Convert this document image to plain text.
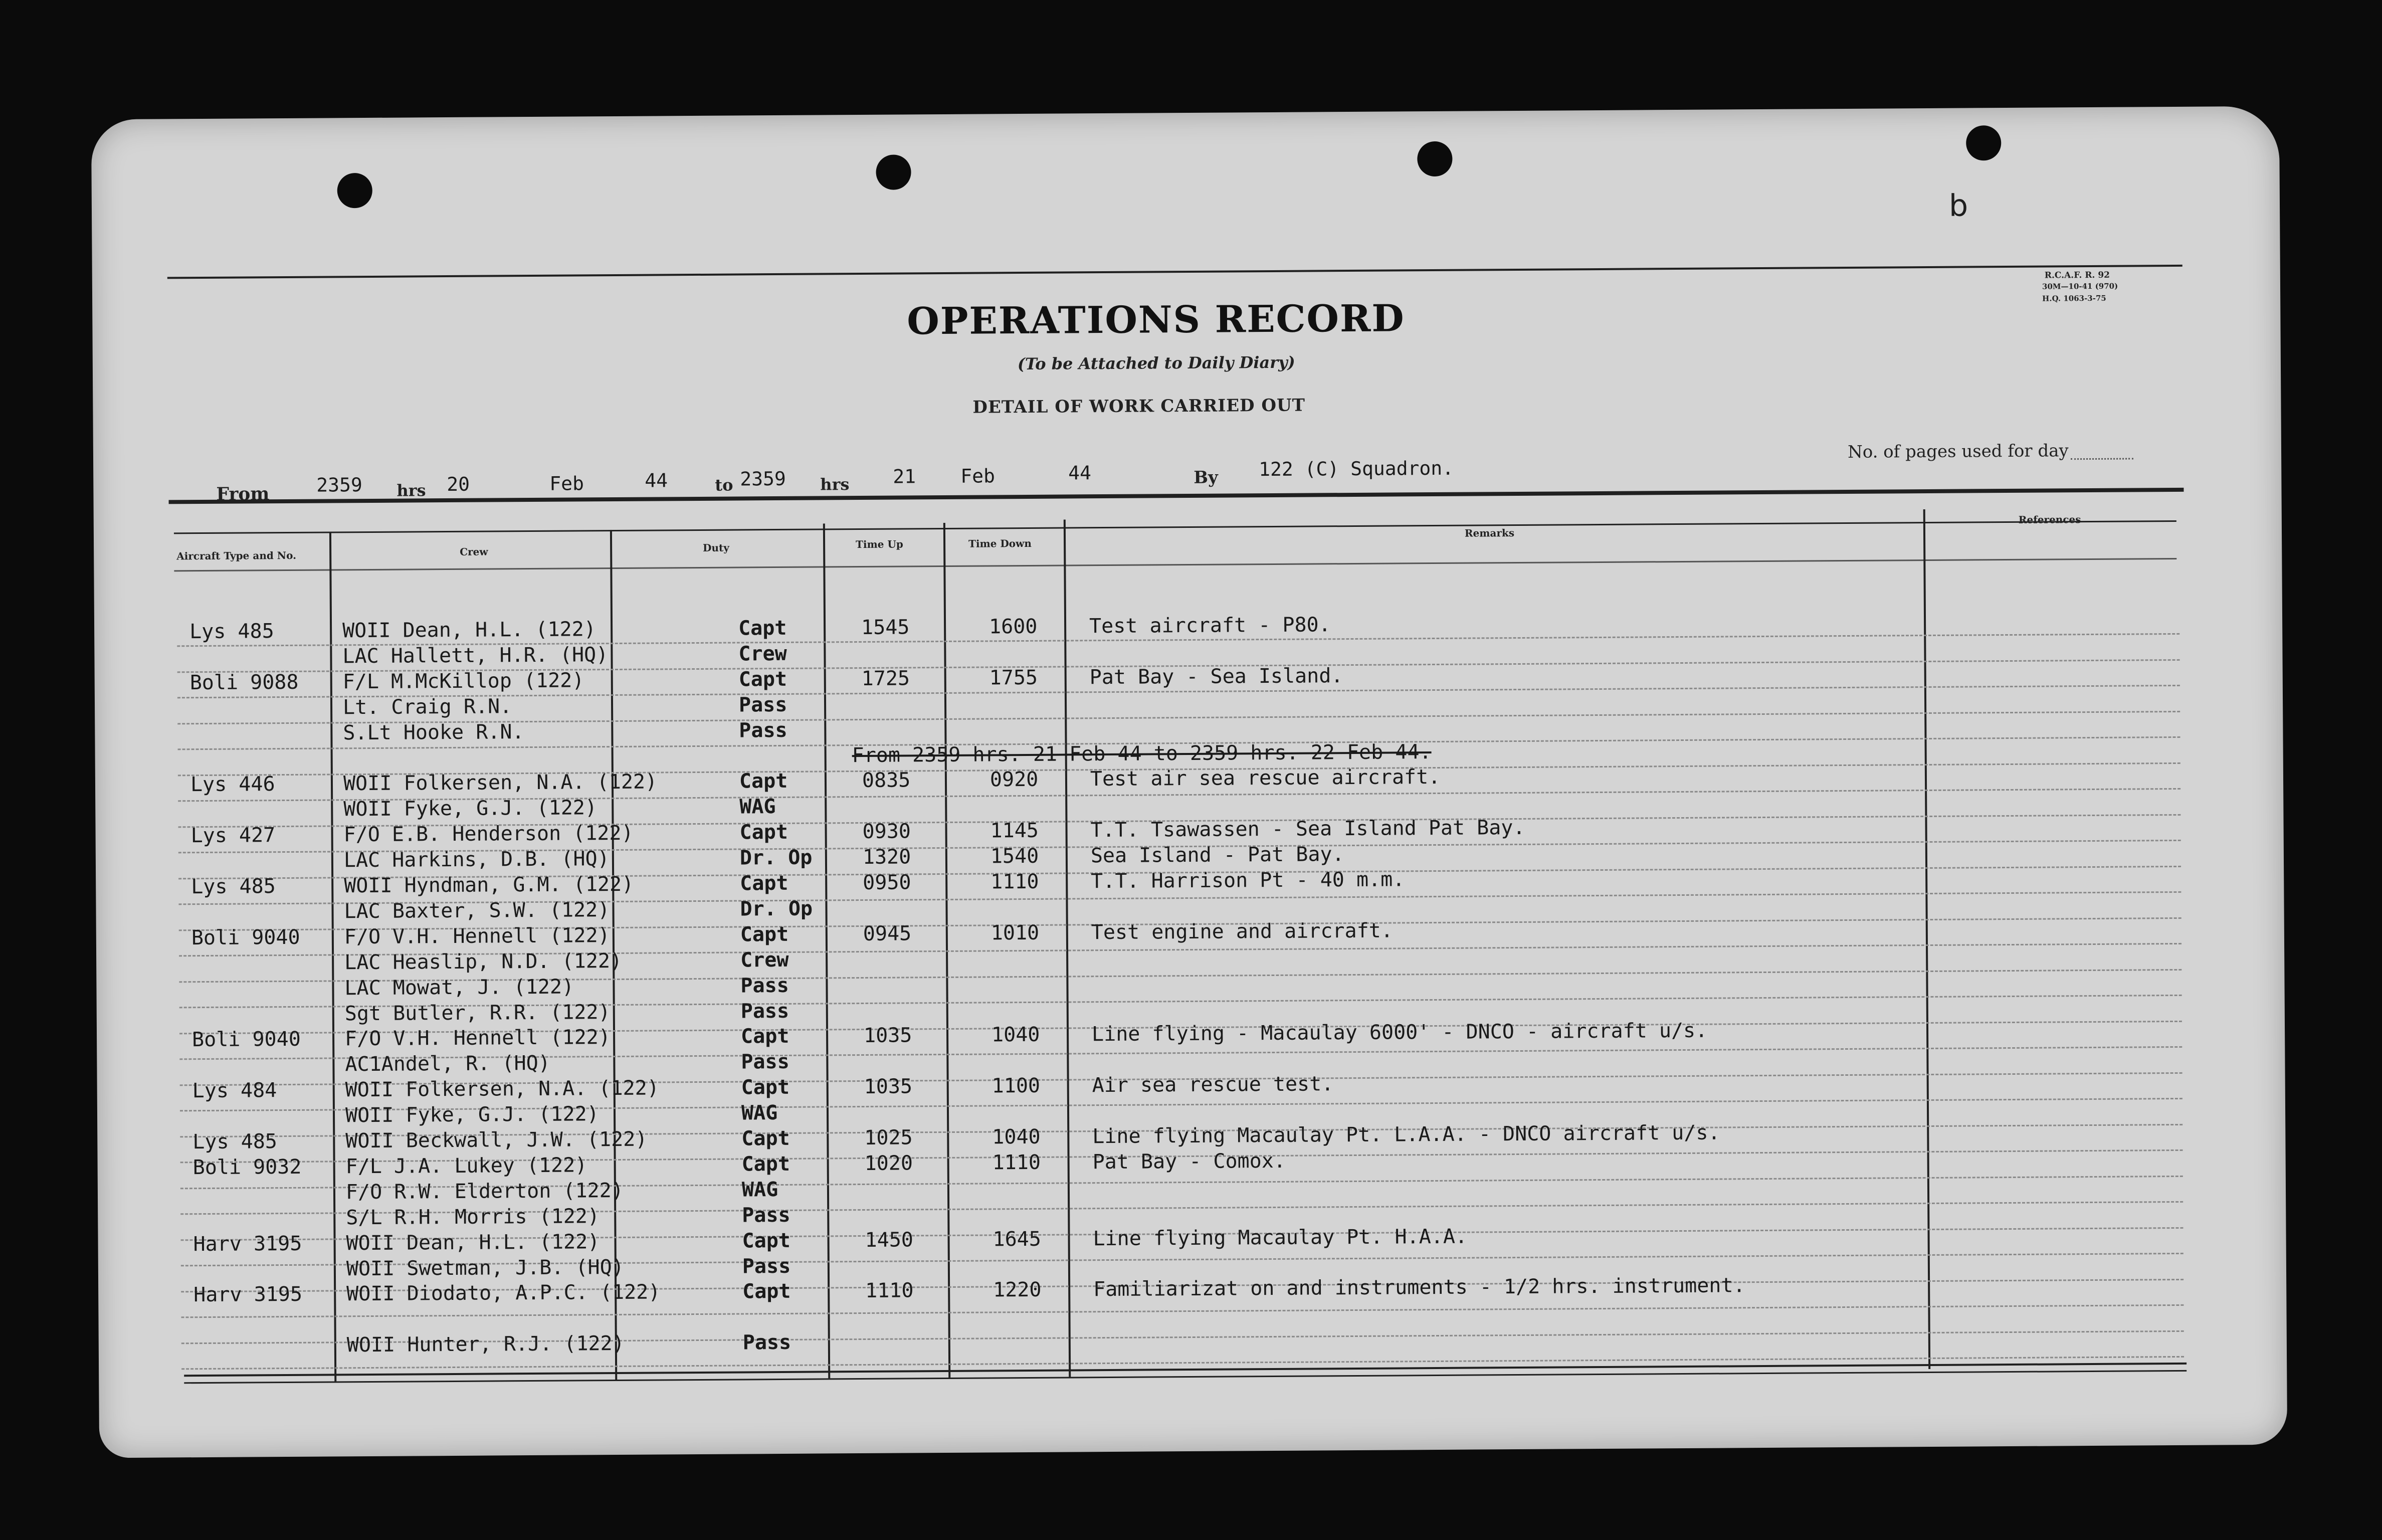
b
R.C.A.F. R. 92
30M—10-41 (970)
H.Q. 1063-3-75
OPERATIONS RECORD
(To be Attached to Daily Diary)
DETAIL OF WORK CARRIED OUT
From 2359 hrs 20	Feb	44	to 2359 hrs 21 Feb	44	By 122 (C) Squadron.
No. of pages used for day
Aircraft Type and No.	Crew	Duty	Time Up	Time Down
Remarks
References
Lys 485	WOII Dean, H.L. (122)	Capt	1545	1600	Test aircraft - P80.
LAC Hallett, H.R. (HQ)	Crew
Boli 9088 F/L M.McKillop (122)	Capt	1725	1755	Pat Bay - Sea Island.
Lt. Craig R.N.	Pass
S.Lt Hooke R.N.	Pass
From 2359 hrs. 21 Feb 44 to 2359 hrs. 22 Feb 44.
Lys 446	WOII Folkersen, N.A. (122)	Capt	0835	0920	Test air sea rescue aircraft.
WOII Fyke, G.J. (122)	WAG
Lys 427	F/O E.B. Henderson (122)	Capt	0930	1145	T.T. Tsawassen - Sea Island Pat Bay.
LAC Harkins, D.B. (HQ)	Dr. Op	1320	1540	Sea Island - Pat Bay.
Lys 485	WOII Hyndman, G.M. (122)	Capt	0950	1110	T.T. Harrison Pt - 40 m.m.
LAC Baxter, S.W. (122)	Dr. Op
Boli 9040 F/O V.H. Hennell (122)	Capt	0945	1010	Test engine and aircraft.
LAC Heaslip, N.D. (122)	Crew
LAC Mowat, J. (122)	Pass
Sgt Butler, R.R. (122)	Pass
Boli 9040 F/O V.H. Hennell (122)	Capt	1035	1040	Line flying - Macaulay 6000' - DNCO - aircraft u/s.
AC1Andel, R. (HQ)	Pass
Lys 484	WOII Folkersen, N.A. (122)	Capt	1035	1100	Air sea rescue test.
WOII Fyke, G.J. (122)	WAG
Lys 485	WOII Beckwall, J.W. (122)	Capt	1025	1040	Line flying Macaulay Pt. L.A.A. - DNCO aircraft u/s.
Boli 9032 F/L J.A. Lukey (122)	Capt	1020	1110	Pat Bay - Comox.
F/O R.W. Elderton (122)	WAG
S/L R.H. Morris (122)	Pass
Harv 3195 WOII Dean, H.L. (122)	Capt	1450	1645	Line flying Macaulay Pt. H.A.A.
WOII Swetman, J.B. (HQ)	Pass
Harv 3195 WOII Diodato, A.P.C. (122)	Capt	1110	1220	Familiarizat on and instruments - 1/2 hrs. instrument.
WOII Hunter, R.J. (122)	Pass
